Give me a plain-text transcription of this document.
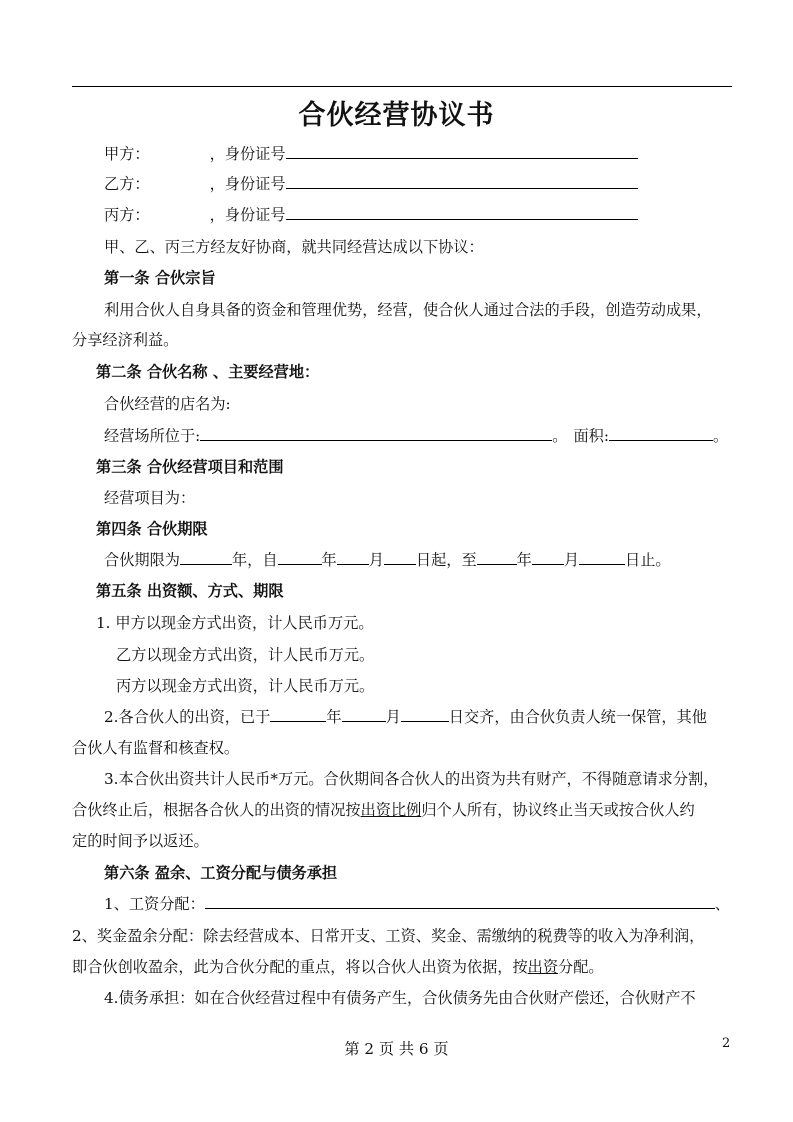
合伙经营协议书
甲方：	，身份证号
乙方：	，身份证号
丙方：	，身份证号
甲、乙、丙三方经友好协商，就共同经营达成以下协议：
第一条 合伙宗旨
利用合伙人自身具备的资金和管理优势，经营，使合伙人通过合法的手段，创造劳动成果，
分享经济利益。
第二条 合伙名称 、主要经营地：
合伙经营的店名为:
经营场所位于:	。 面积:	。
第三条 合伙经营项目和范围
经营项目为：
第四条 合伙期限
合伙期限为	年，自	年 月 日起，至	年 月	日止。
第五条 出资额、方式、期限
1. 甲方以现金方式出资，计人民币万元。
乙方以现金方式出资，计人民币万元。
丙方以现金方式出资，计人民币万元。
2.各合伙人的出资，已于	年	月	日交齐，由合伙负责人统一保管，其他
合伙人有监督和核查权。
3.本合伙出资共计人民币*万元。合伙期间各合伙人的出资为共有财产，不得随意请求分割，
合伙终止后，根据各合伙人的出资的情况按出资比例归个人所有，协议终止当天或按合伙人约
定的时间予以返还。
第六条 盈余、工资分配与债务承担
1、工资分配：	、
2、奖金盈余分配：除去经营成本、日常开支、工资、奖金、需缴纳的税费等的收入为净利润，
即合伙创收盈余，此为合伙分配的重点，将以合伙人出资为依据，按出资分配。
4.债务承担：如在合伙经营过程中有债务产生，合伙债务先由合伙财产偿还，合伙财产不
第 2 页 共 6 页	2
